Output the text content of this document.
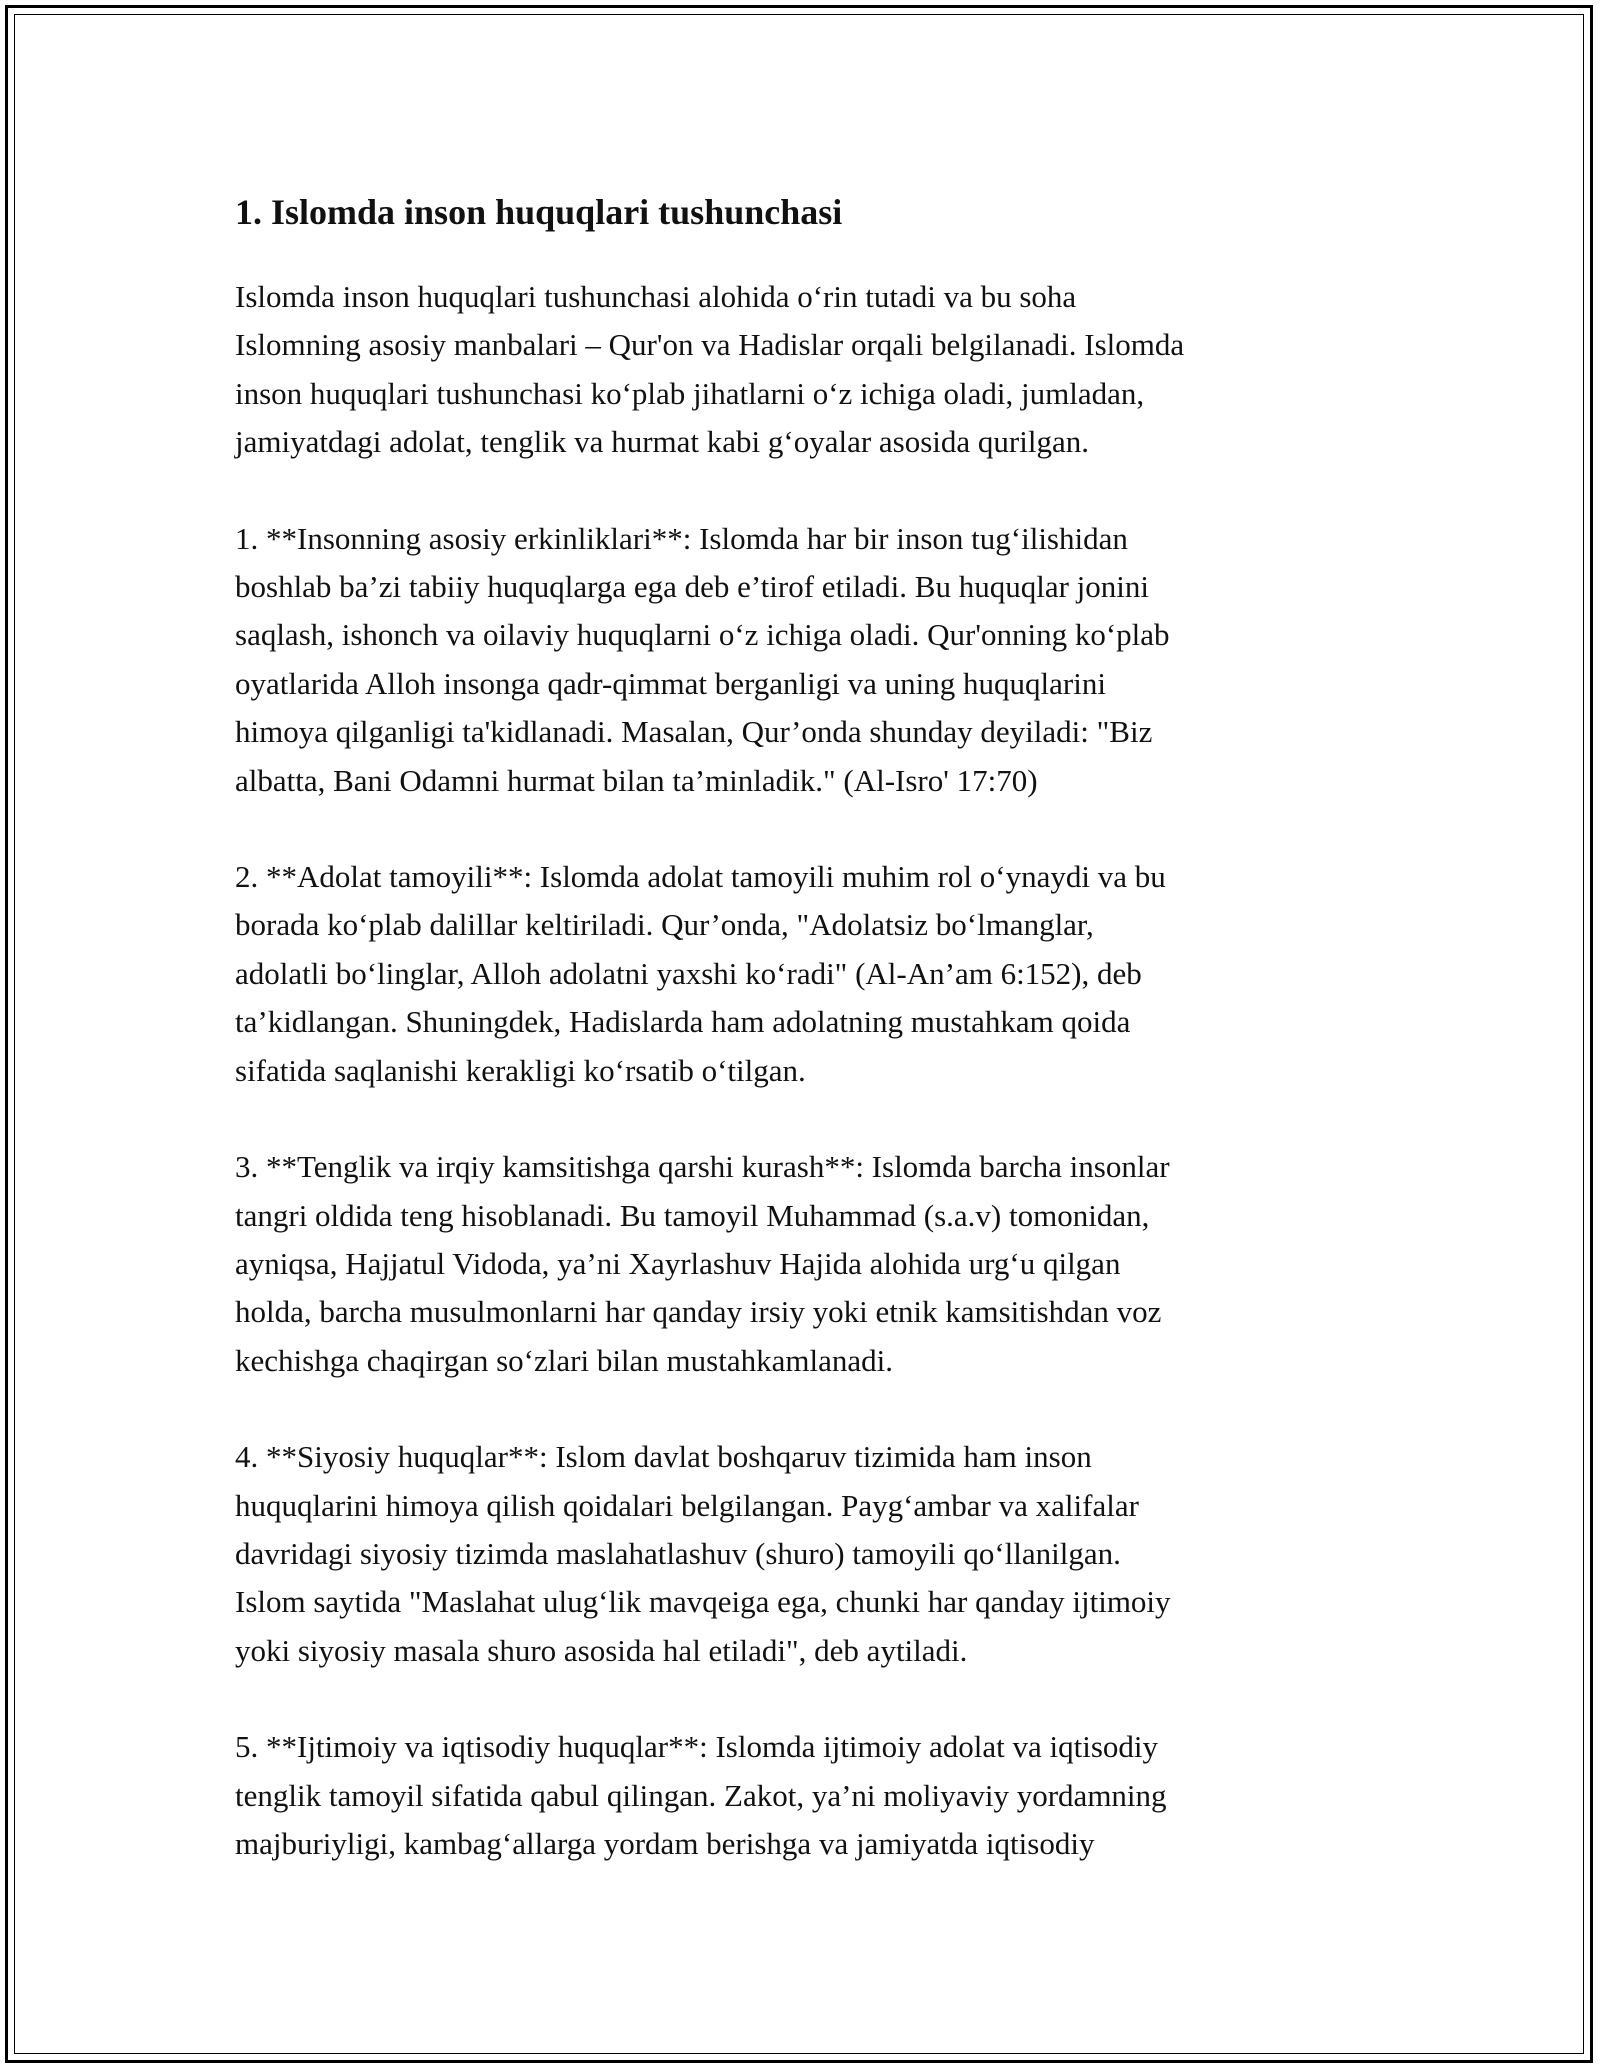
1. Islomda inson huquqlari tushunchasi

Islomda inson huquqlari tushunchasi alohida o‘rin tutadi va bu soha
Islomning asosiy manbalari – Qur'on va Hadislar orqali belgilanadi. Islomda
inson huquqlari tushunchasi ko‘plab jihatlarni o‘z ichiga oladi, jumladan,
jamiyatdagi adolat, tenglik va hurmat kabi g‘oyalar asosida qurilgan.

1. **Insonning asosiy erkinliklari**: Islomda har bir inson tug‘ilishidan
boshlab ba’zi tabiiy huquqlarga ega deb e’tirof etiladi. Bu huquqlar jonini
saqlash, ishonch va oilaviy huquqlarni o‘z ichiga oladi. Qur'onning ko‘plab
oyatlarida Alloh insonga qadr-qimmat berganligi va uning huquqlarini
himoya qilganligi ta'kidlanadi. Masalan, Qur’onda shunday deyiladi: "Biz
albatta, Bani Odamni hurmat bilan ta’minladik." (Al-Isro' 17:70)

2. **Adolat tamoyili**: Islomda adolat tamoyili muhim rol o‘ynaydi va bu
borada ko‘plab dalillar keltiriladi. Qur’onda, "Adolatsiz bo‘lmanglar,
adolatli bo‘linglar, Alloh adolatni yaxshi ko‘radi" (Al-An’am 6:152), deb
ta’kidlangan. Shuningdek, Hadislarda ham adolatning mustahkam qoida
sifatida saqlanishi kerakligi ko‘rsatib o‘tilgan.

3. **Tenglik va irqiy kamsitishga qarshi kurash**: Islomda barcha insonlar
tangri oldida teng hisoblanadi. Bu tamoyil Muhammad (s.a.v) tomonidan,
ayniqsa, Hajjatul Vidoda, ya’ni Xayrlashuv Hajida alohida urg‘u qilgan
holda, barcha musulmonlarni har qanday irsiy yoki etnik kamsitishdan voz
kechishga chaqirgan so‘zlari bilan mustahkamlanadi.

4. **Siyosiy huquqlar**: Islom davlat boshqaruv tizimida ham inson
huquqlarini himoya qilish qoidalari belgilangan. Payg‘ambar va xalifalar
davridagi siyosiy tizimda maslahatlashuv (shuro) tamoyili qo‘llanilgan.
Islom saytida "Maslahat ulug‘lik mavqeiga ega, chunki har qanday ijtimoiy
yoki siyosiy masala shuro asosida hal etiladi", deb aytiladi.

5. **Ijtimoiy va iqtisodiy huquqlar**: Islomda ijtimoiy adolat va iqtisodiy
tenglik tamoyil sifatida qabul qilingan. Zakot, ya’ni moliyaviy yordamning
majburiyligi, kambag‘allarga yordam berishga va jamiyatda iqtisodiy
